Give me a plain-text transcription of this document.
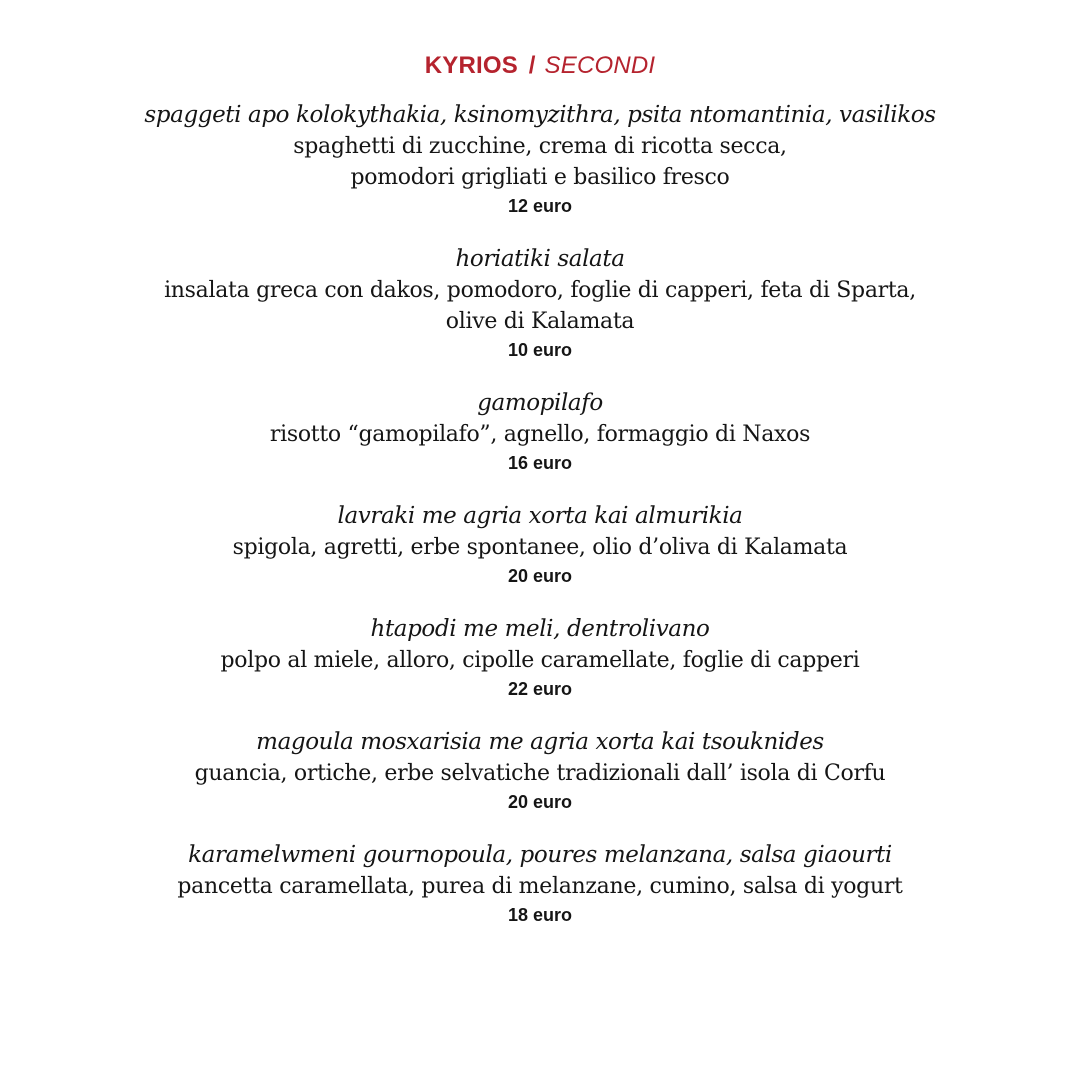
KYRIOS / SECONDI
spaggeti apo kolokythakia, ksinomyzithra, psita ntomantinia, vasilikos
spaghetti di zucchine, crema di ricotta secca,
pomodori grigliati e basilico fresco
12 euro
horiatiki salata
insalata greca con dakos, pomodoro, foglie di capperi, feta di Sparta,
olive di Kalamata
10 euro
gamopilafo
risotto “gamopilafo”, agnello, formaggio di Naxos
16 euro
lavraki me agria xorta kai almurikia
spigola, agretti, erbe spontanee, olio d’oliva di Kalamata
20 euro
htapodi me meli, dentrolivano
polpo al miele, alloro, cipolle caramellate, foglie di capperi
22 euro
magoula mosxarisia me agria xorta kai tsouknides
guancia, ortiche, erbe selvatiche tradizionali dall’ isola di Corfu
20 euro
karamelwmeni gournopoula, poures melanzana, salsa giaourti
pancetta caramellata, purea di melanzane, cumino, salsa di yogurt
18 euro
